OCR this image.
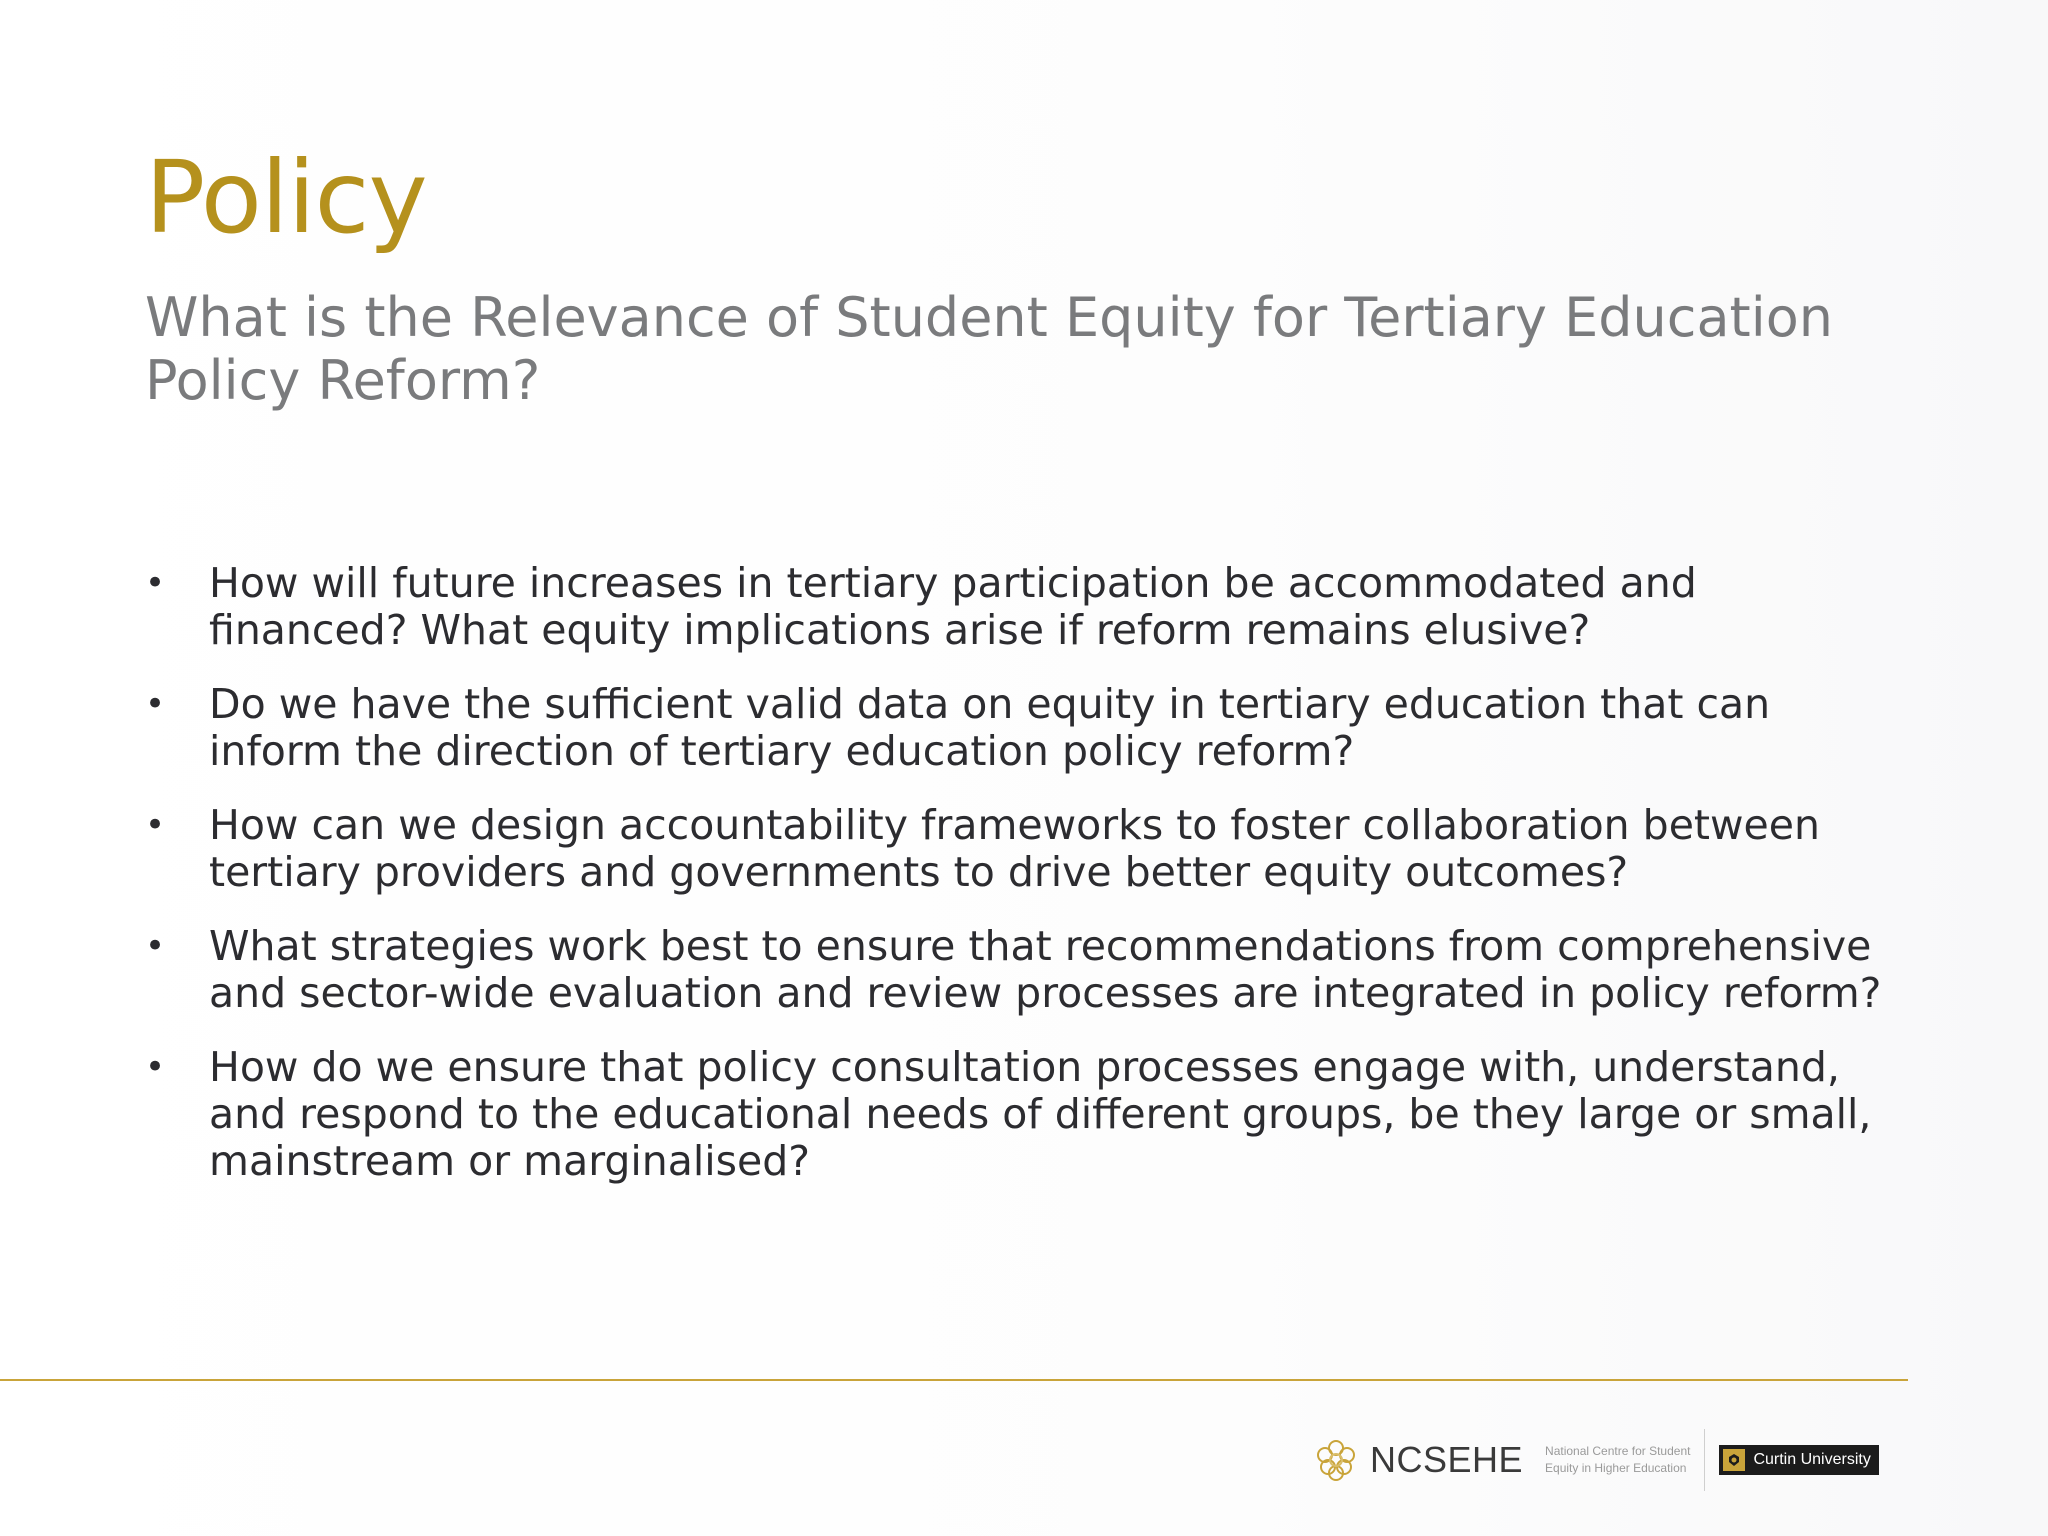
Policy
What is the Relevance of Student Equity for Tertiary Education Policy Reform?
• How will future increases in tertiary participation be accommodated and financed? What equity implications arise if reform remains elusive?
• Do we have the sufficient valid data on equity in tertiary education that can inform the direction of tertiary education policy reform?
• How can we design accountability frameworks to foster collaboration between tertiary providers and governments to drive better equity outcomes?
• What strategies work best to ensure that recommendations from comprehensive and sector-wide evaluation and review processes are integrated in policy reform?
• How do we ensure that policy consultation processes engage with, understand, and respond to the educational needs of different groups, be they large or small, mainstream or marginalised?
NCSEHE National Centre for Student
Equity in Higher Education	Curtin University
